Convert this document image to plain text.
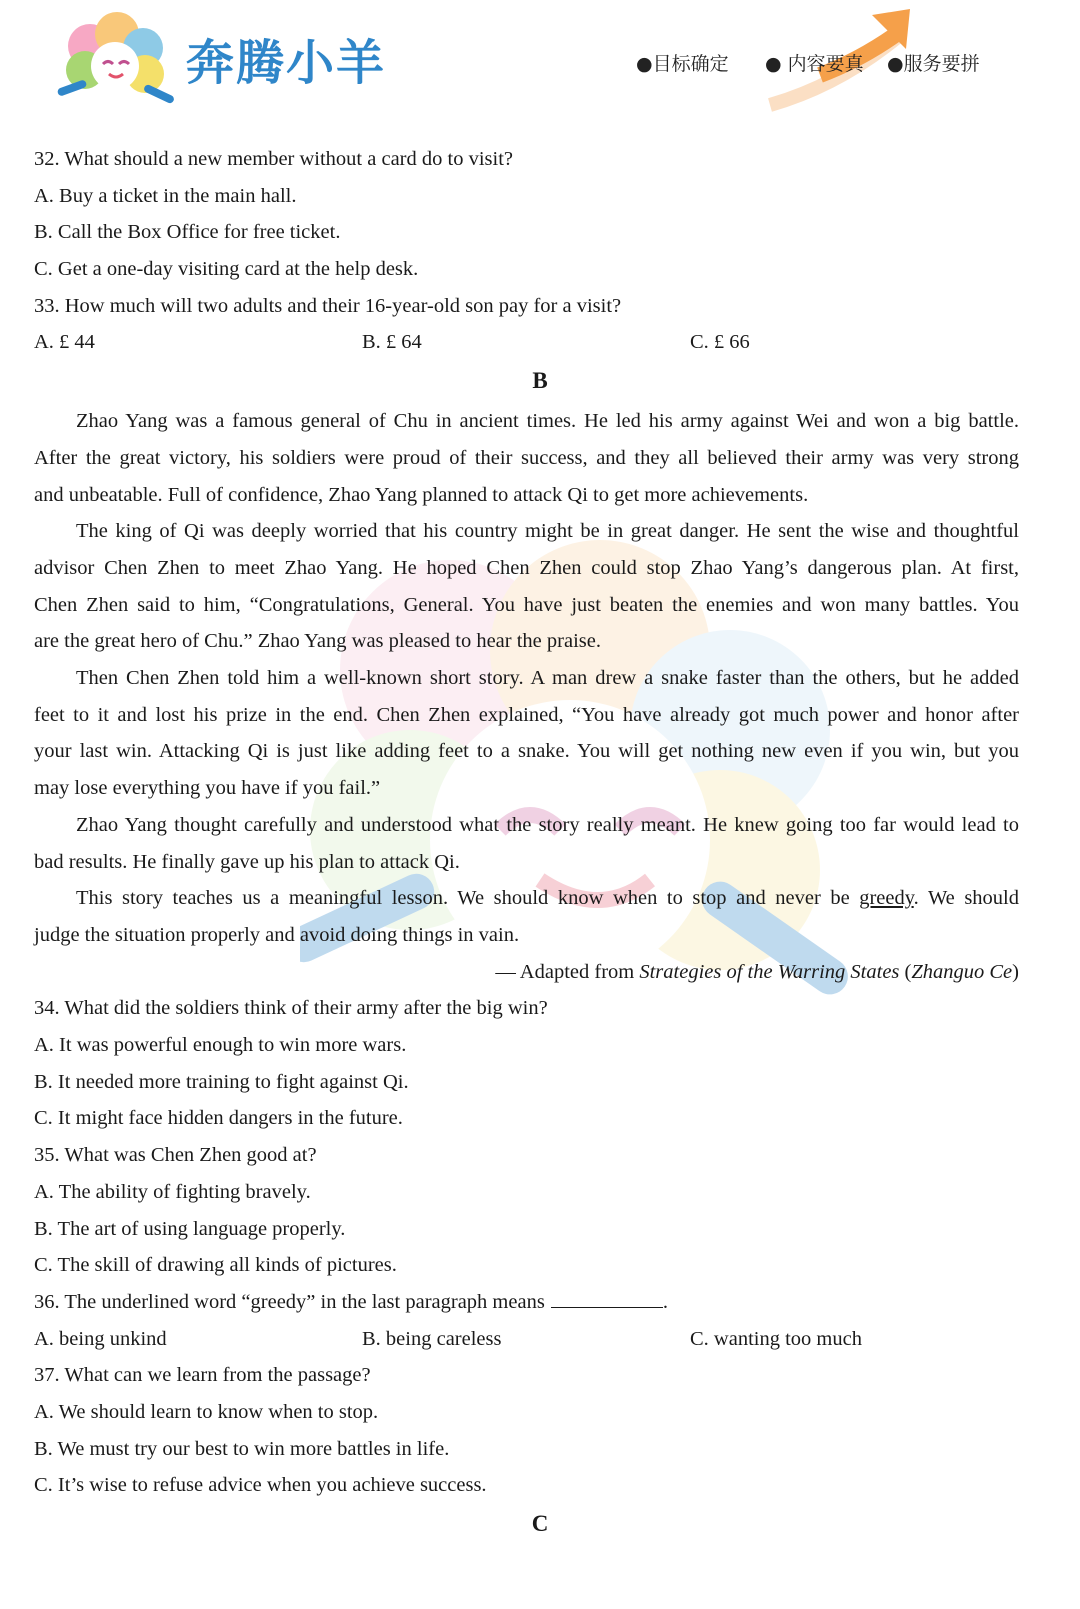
奔腾小羊	●目标确定 ● 内容要真 ●服务要拼
32. What should a new member without a card do to visit?
A. Buy a ticket in the main hall.
B. Call the Box Office for free ticket.
C. Get a one-day visiting card at the help desk.
33. How much will two adults and their 16-year-old son pay for a visit?
A. £ 44	B. £ 64	C. £ 66
B
Zhao Yang was a famous general of Chu in ancient times. He led his army against Wei and won a big battle.
After the great victory, his soldiers were proud of their success, and they all believed their army was very strong
and unbeatable. Full of confidence, Zhao Yang planned to attack Qi to get more achievements.
The king of Qi was deeply worried that his country might be in great danger. He sent the wise and thoughtful
advisor Chen Zhen to meet Zhao Yang. He hoped Chen Zhen could stop Zhao Yang’s dangerous plan. At first,
Chen Zhen said to him, “Congratulations, General. You have just beaten the enemies and won many battles. You
are the great hero of Chu.” Zhao Yang was pleased to hear the praise.
Then Chen Zhen told him a well-known short story. A man drew a snake faster than the others, but he added
feet to it and lost his prize in the end. Chen Zhen explained, “You have already got much power and honor after
your last win. Attacking Qi is just like adding feet to a snake. You will get nothing new even if you win, but you
may lose everything you have if you fail.”
Zhao Yang thought carefully and understood what the story really meant. He knew going too far would lead to
bad results. He finally gave up his plan to attack Qi.
This story teaches us a meaningful lesson. We should know when to stop and never be greedy. We should
judge the situation properly and avoid doing things in vain.
— Adapted from Strategies of the Warring States (Zhanguo Ce)
34. What did the soldiers think of their army after the big win?
A. It was powerful enough to win more wars.
B. It needed more training to fight against Qi.
C. It might face hidden dangers in the future.
35. What was Chen Zhen good at?
A. The ability of fighting bravely.
B. The art of using language properly.
C. The skill of drawing all kinds of pictures.
36. The underlined word “greedy” in the last paragraph means	.
A. being unkind	B. being careless	C. wanting too much
37. What can we learn from the passage?
A. We should learn to know when to stop.
B. We must try our best to win more battles in life.
C. It’s wise to refuse advice when you achieve success.
C
